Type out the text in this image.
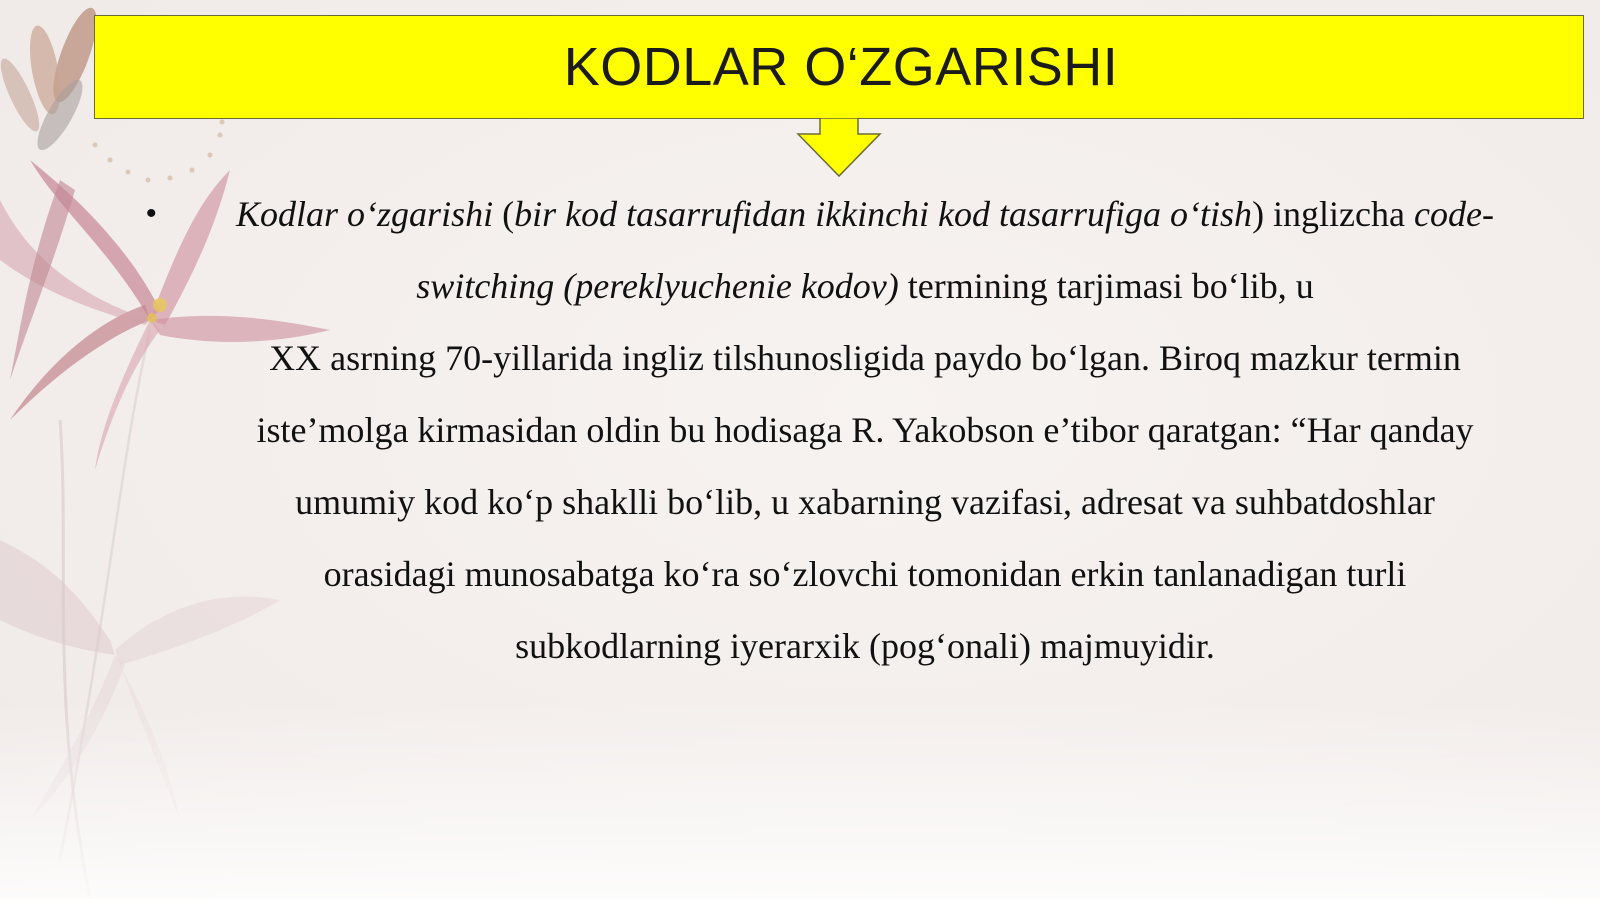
KODLAR O‘ZGARISHI
•	Kodlar o‘zgarishi (bir kod tasarrufidan ikkinchi kod tasarrufiga o‘tish) inglizcha code-
switching (pereklyuchenie kodov) termining tarjimasi bo‘lib, u
XX asrning 70-yillarida ingliz tilshunosligida paydo bo‘lgan. Biroq mazkur termin
iste’molga kirmasidan oldin bu hodisaga R. Yakobson e’tibor qaratgan: “Har qanday
umumiy kod ko‘p shaklli bo‘lib, u xabarning vazifasi, adresat va suhbatdoshlar
orasidagi munosabatga ko‘ra so‘zlovchi tomonidan erkin tanlanadigan turli
subkodlarning iyerarxik (pog‘onali) majmuyidir.
